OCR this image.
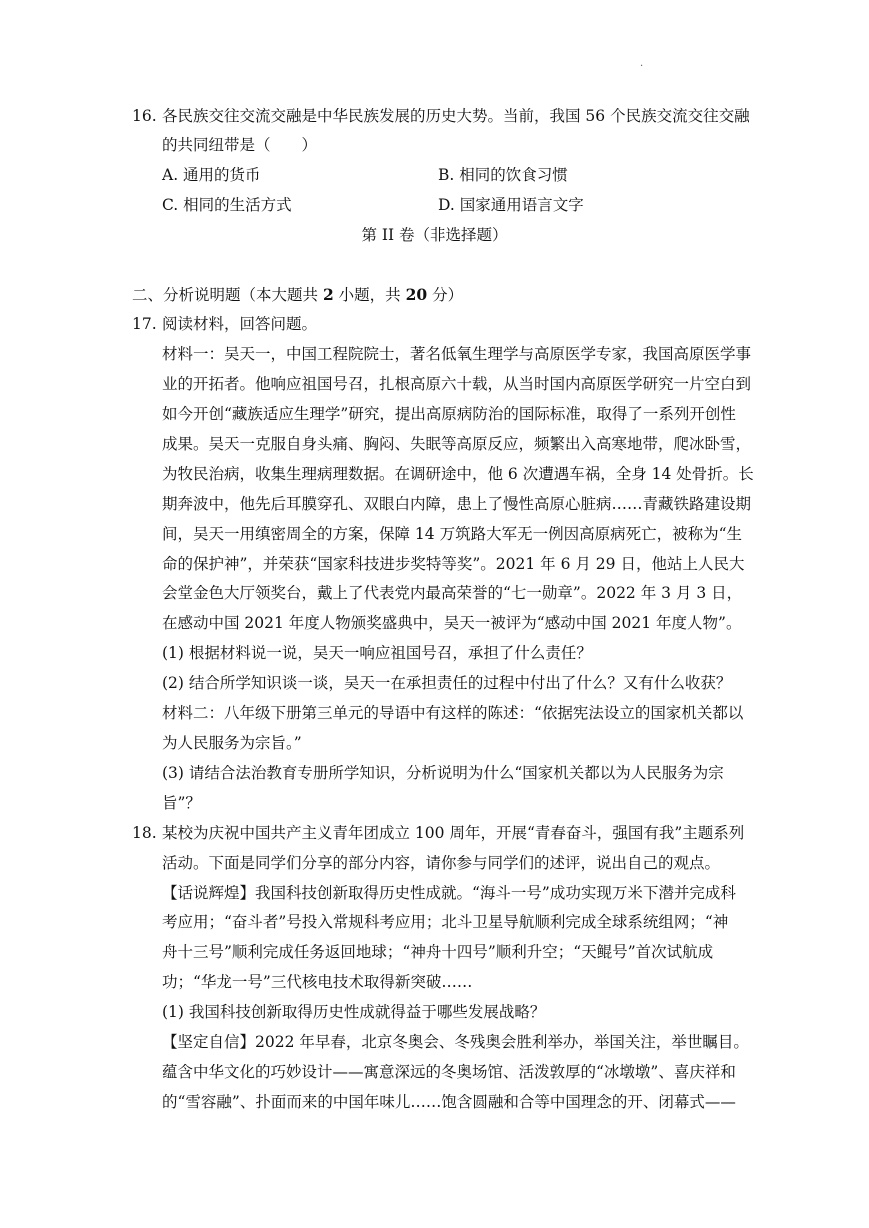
.
16. 各民族交往交流交融是中华民族发展的历史大势。当前，我国 56 个民族交流交往交融
的共同纽带是（　　）
A. 通用的货币	B. 相同的饮食习惯
C. 相同的生活方式	D. 国家通用语言文字
第 II 卷（非选择题）
二、分析说明题（本大题共 2 小题，共 20 分）
17. 阅读材料，回答问题。
材料一：吴天一，中国工程院院士，著名低氧生理学与高原医学专家，我国高原医学事
业的开拓者。他响应祖国号召，扎根高原六十载，从当时国内高原医学研究一片空白到
如今开创“藏族适应生理学”研究，提出高原病防治的国际标准，取得了一系列开创性
成果。吴天一克服自身头痛、胸闷、失眠等高原反应，频繁出入高寒地带，爬冰卧雪，
为牧民治病，收集生理病理数据。在调研途中，他 6 次遭遇车祸，全身 14 处骨折。长
期奔波中，他先后耳膜穿孔、双眼白内障，患上了慢性高原心脏病……青藏铁路建设期
间，吴天一用缜密周全的方案，保障 14 万筑路大军无一例因高原病死亡，被称为“生
命的保护神”，并荣获“国家科技进步奖特等奖”。2021 年 6 月 29 日，他站上人民大
会堂金色大厅领奖台，戴上了代表党内最高荣誉的“七一勋章”。2022 年 3 月 3 日，
在感动中国 2021 年度人物颁奖盛典中，吴天一被评为“感动中国 2021 年度人物”。
(1) 根据材料说一说，吴天一响应祖国号召，承担了什么责任？
(2) 结合所学知识谈一谈，吴天一在承担责任的过程中付出了什么？又有什么收获？
材料二：八年级下册第三单元的导语中有这样的陈述：“依据宪法设立的国家机关都以
为人民服务为宗旨。”
(3) 请结合法治教育专册所学知识，分析说明为什么“国家机关都以为人民服务为宗
旨”？
18. 某校为庆祝中国共产主义青年团成立 100 周年，开展“青春奋斗，强国有我”主题系列
活动。下面是同学们分享的部分内容，请你参与同学们的述评，说出自己的观点。
【话说辉煌】我国科技创新取得历史性成就。“海斗一号”成功实现万米下潜并完成科
考应用；“奋斗者”号投入常规科考应用；北斗卫星导航顺利完成全球系统组网；“神
舟十三号”顺利完成任务返回地球；“神舟十四号”顺利升空；“天鲲号”首次试航成
功；“华龙一号”三代核电技术取得新突破……
(1) 我国科技创新取得历史性成就得益于哪些发展战略？
【坚定自信】2022 年早春，北京冬奥会、冬残奥会胜利举办，举国关注，举世瞩目。
蕴含中华文化的巧妙设计——寓意深远的冬奥场馆、活泼敦厚的“冰墩墩”、喜庆祥和
的“雪容融”、扑面而来的中国年味儿……饱含圆融和合等中国理念的开、闭幕式——
